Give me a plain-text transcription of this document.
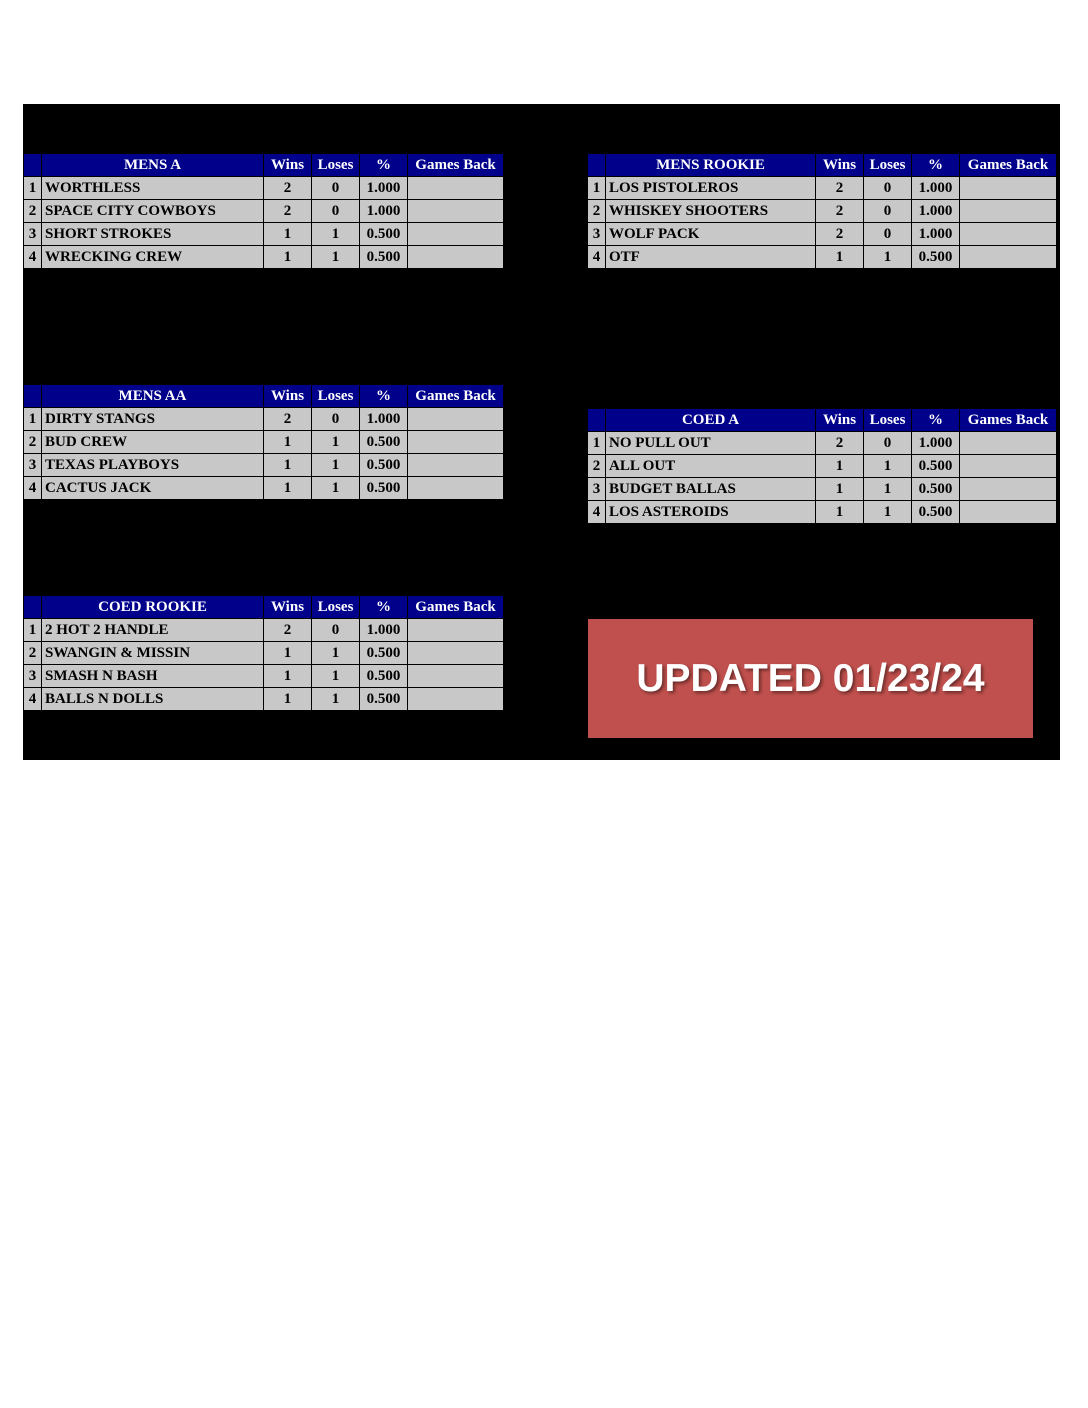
	MENS A	Wins	Loses	%	Games Back
1	WORTHLESS	2	0	1.000	
2	SPACE CITY COWBOYS	2	0	1.000	
3	SHORT STROKES	1	1	0.500	
4	WRECKING CREW	1	1	0.500	
	MENS ROOKIE	Wins	Loses	%	Games Back
1	LOS PISTOLEROS	2	0	1.000	
2	WHISKEY SHOOTERS	2	0	1.000	
3	WOLF PACK	2	0	1.000	
4	OTF	1	1	0.500	
	MENS AA	Wins	Loses	%	Games Back
1	DIRTY STANGS	2	0	1.000	
2	BUD CREW	1	1	0.500	
3	TEXAS PLAYBOYS	1	1	0.500	
4	CACTUS JACK	1	1	0.500	
	COED A	Wins	Loses	%	Games Back
1	NO PULL OUT	2	0	1.000	
2	ALL OUT	1	1	0.500	
3	BUDGET BALLAS	1	1	0.500	
4	LOS ASTEROIDS	1	1	0.500	
	COED ROOKIE	Wins	Loses	%	Games Back
1	2 HOT 2 HANDLE	2	0	1.000	
2	SWANGIN & MISSIN	1	1	0.500	
3	SMASH N BASH	1	1	0.500	
4	BALLS N DOLLS	1	1	0.500		UPDATED 01/23/24
